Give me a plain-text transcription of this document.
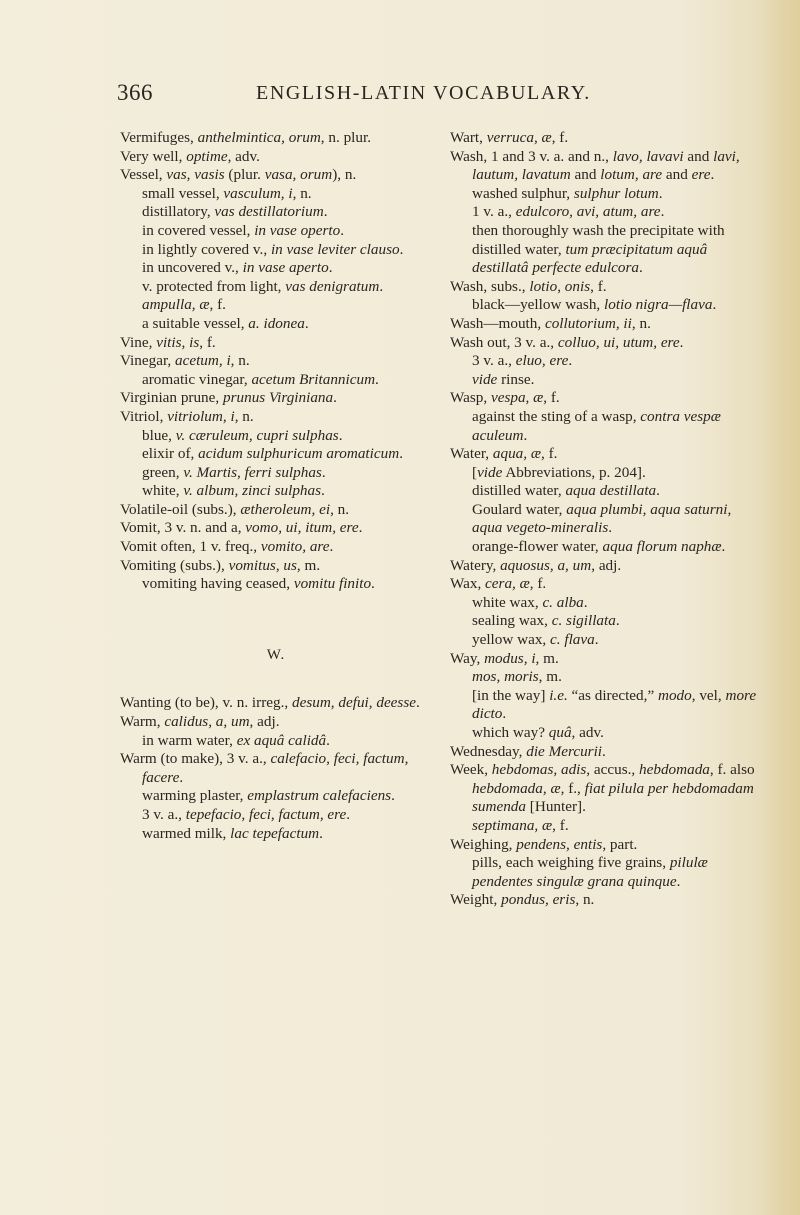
366	ENGLISH-LATIN VOCABULARY.

Vermifuges, anthelmintica, orum, n. plur.

Very well, optime, adv.

Vessel, vas, vasis (plur. vasa, orum), n.

small vessel, vasculum, i, n.

distillatory, vas destillatorium.

in covered vessel, in vase operto.

in lightly covered v., in vase leviter clauso.

in uncovered v., in vase aperto.

v. protected from light, vas denigratum.

ampulla, æ, f.

a suitable vessel, a. idonea.

Vine, vitis, is, f.

Vinegar, acetum, i, n.

aromatic vinegar, acetum Britannicum.

Virginian prune, prunus Virginiana.

Vitriol, vitriolum, i, n.

blue, v. cæruleum, cupri sulphas.

elixir of, acidum sulphuricum aromaticum.

green, v. Martis, ferri sulphas.

white, v. album, zinci sulphas.

Volatile-oil (subs.), ætheroleum, ei, n.

Vomit, 3 v. n. and a, vomo, ui, itum, ere.

Vomit often, 1 v. freq., vomito, are.

Vomiting (subs.), vomitus, us, m.

vomiting having ceased, vomitu finito.

W.

Wanting (to be), v. n. irreg., desum, defui, deesse.

Warm, calidus, a, um, adj.

in warm water, ex aquâ calidâ.

Warm (to make), 3 v. a., calefacio, feci, factum, facere.

warming plaster, emplastrum calefaciens.

3 v. a., tepefacio, feci, factum, ere.

warmed milk, lac tepefactum.

Wart, verruca, æ, f.

Wash, 1 and 3 v. a. and n., lavo, lavavi and lavi, lautum, lavatum and lotum, are and ere.

washed sulphur, sulphur lotum.

1 v. a., edulcoro, avi, atum, are.

then thoroughly wash the precipitate with distilled water, tum præcipitatum aquâ destillatâ perfecte edulcora.

Wash, subs., lotio, onis, f.

black—yellow wash, lotio nigra—flava.

Wash—mouth, collutorium, ii, n.

Wash out, 3 v. a., colluo, ui, utum, ere.

3 v. a., eluo, ere.

vide rinse.

Wasp, vespa, æ, f.

against the sting of a wasp, contra vespæ aculeum.

Water, aqua, æ, f.

[vide Abbreviations, p. 204].

distilled water, aqua destillata.

Goulard water, aqua plumbi, aqua saturni, aqua vegeto-mineralis.

orange-flower water, aqua florum naphæ.

Watery, aquosus, a, um, adj.

Wax, cera, æ, f.

white wax, c. alba.

sealing wax, c. sigillata.

yellow wax, c. flava.

Way, modus, i, m.

mos, moris, m.

[in the way] i.e. “as directed,” modo, vel, more dicto.

which way? quâ, adv.

Wednesday, die Mercurii.

Week, hebdomas, adis, accus., hebdomada, f. also hebdomada, æ, f., fiat pilula per hebdomadam sumenda [Hunter].

septimana, æ, f.

Weighing, pendens, entis, part.

pills, each weighing five grains, pilulæ pendentes singulæ grana quinque.

Weight, pondus, eris, n.
